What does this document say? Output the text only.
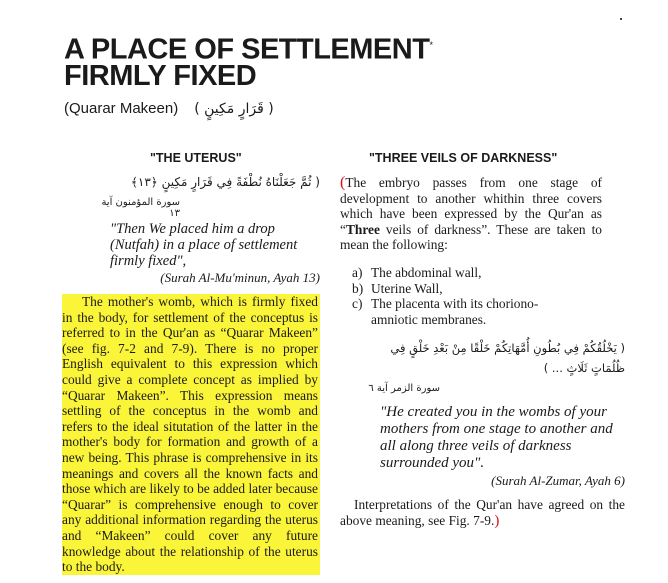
A PLACE OF SETTLEMENT*
FIRMLY FIXED
(Quarar Makeen) ( قَرَارٍ مَكِينٍ )
"THE UTERUS"
( ثُمَّ جَعَلْنَاهُ نُطْفَةً فِي قَرَارٍ مَكِينٍ ﴿١٣﴾
سورة المؤمنون آية ١٣
"Then We placed him a drop (Nutfah) in a place of settlement firmly fixed",
(Surah Al-Mu'minun, Ayah 13)
The mother's womb, which is firmly fixed in the body, for settlement of the conceptus is referred to in the Qur'an as “Quarar Makeen” (see fig. 7-2 and 7-9). There is no proper English equivalent to this expression which could give a complete concept as implied by “Quarar Makeen”. This expression means settling of the conceptus in the womb and refers to the ideal situtation of the latter in the mother's body for formation and growth of a new being. This phrase is comprehensive in its meanings and covers all the known facts and those which are likely to be added later because “Quarar” is comprehensive enough to cover any additional information regarding the uterus and “Makeen” could cover any future knowledge about the relationship of the uterus to the body.
"THREE VEILS OF DARKNESS"
(The embryo passes from one stage of development to another whithin three covers which have been expressed by the Qur'an as “Three veils of darkness”. These are taken to mean the following:
a) The abdominal wall,
b) Uterine Wall,
c) The placenta with its choriono-amniotic membranes.
( يَخْلُقُكُمْ فِي بُطُونِ أُمَّهَاتِكُمْ خَلْقًا مِنْ بَعْدِ خَلْقٍ فِي
ظُلُمَاتٍ ثَلَاثٍ ... )
سورة الزمر آية ٦
"He created you in the wombs of your mothers from one stage to another and all along three veils of darkness surrounded you".
(Surah Al-Zumar, Ayah 6)
Interpretations of the Qur'an have agreed on the above meaning, see Fig. 7-9.)
